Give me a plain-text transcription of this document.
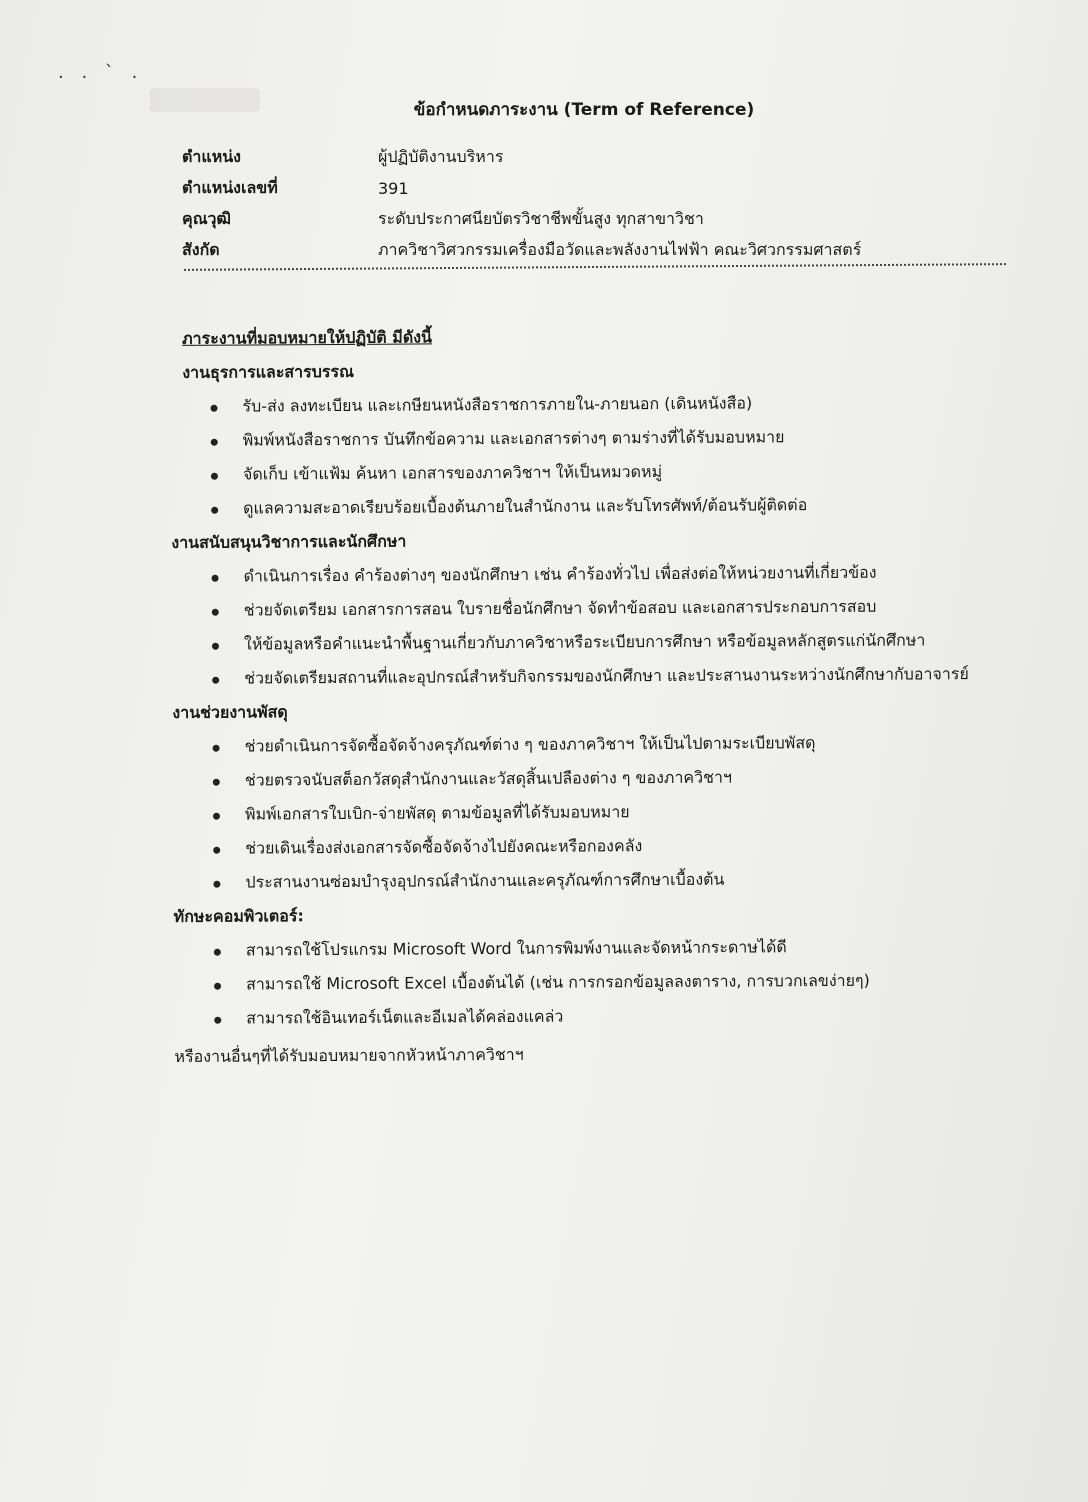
. . ` .
ข้อกำหนดภาระงาน (Term of Reference)
ตำแหน่ง	ผู้ปฏิบัติงานบริหาร
ตำแหน่งเลขที่	391
คุณวุฒิ	ระดับประกาศนียบัตรวิชาชีพขั้นสูง ทุกสาขาวิชา
สังกัด	ภาควิชาวิศวกรรมเครื่องมือวัดและพลังงานไฟฟ้า คณะวิศวกรรมศาสตร์
ภาระงานที่มอบหมายให้ปฏิบัติ มีดังนี้
งานธุรการและสารบรรณ
รับ-ส่ง ลงทะเบียน และเกษียนหนังสือราชการภายใน-ภายนอก (เดินหนังสือ)
พิมพ์หนังสือราชการ บันทึกข้อความ และเอกสารต่างๆ ตามร่างที่ได้รับมอบหมาย
จัดเก็บ เข้าแฟ้ม ค้นหา เอกสารของภาควิชาฯ ให้เป็นหมวดหมู่
ดูแลความสะอาดเรียบร้อยเบื้องต้นภายในสำนักงาน และรับโทรศัพท์/ต้อนรับผู้ติดต่อ
งานสนับสนุนวิชาการและนักศึกษา
ดำเนินการเรื่อง คำร้องต่างๆ ของนักศึกษา เช่น คำร้องทั่วไป เพื่อส่งต่อให้หน่วยงานที่เกี่ยวข้อง
ช่วยจัดเตรียม เอกสารการสอน ใบรายชื่อนักศึกษา จัดทำข้อสอบ และเอกสารประกอบการสอบ
ให้ข้อมูลหรือคำแนะนำพื้นฐานเกี่ยวกับภาควิชาหรือระเบียบการศึกษา หรือข้อมูลหลักสูตรแก่นักศึกษา
ช่วยจัดเตรียมสถานที่และอุปกรณ์สำหรับกิจกรรมของนักศึกษา และประสานงานระหว่างนักศึกษากับอาจารย์
งานช่วยงานพัสดุ
ช่วยดำเนินการจัดซื้อจัดจ้างครุภัณฑ์ต่าง ๆ ของภาควิชาฯ ให้เป็นไปตามระเบียบพัสดุ
ช่วยตรวจนับสต็อกวัสดุสำนักงานและวัสดุสิ้นเปลืองต่าง ๆ ของภาควิชาฯ
พิมพ์เอกสารใบเบิก-จ่ายพัสดุ ตามข้อมูลที่ได้รับมอบหมาย
ช่วยเดินเรื่องส่งเอกสารจัดซื้อจัดจ้างไปยังคณะหรือกองคลัง
ประสานงานซ่อมบำรุงอุปกรณ์สำนักงานและครุภัณฑ์การศึกษาเบื้องต้น
ทักษะคอมพิวเตอร์:
สามารถใช้โปรแกรม Microsoft Word ในการพิมพ์งานและจัดหน้ากระดาษได้ดี
สามารถใช้ Microsoft Excel เบื้องต้นได้ (เช่น การกรอกข้อมูลลงตาราง, การบวกเลขง่ายๆ)
สามารถใช้อินเทอร์เน็ตและอีเมลได้คล่องแคล่ว
หรืองานอื่นๆที่ได้รับมอบหมายจากหัวหน้าภาควิชาฯ
